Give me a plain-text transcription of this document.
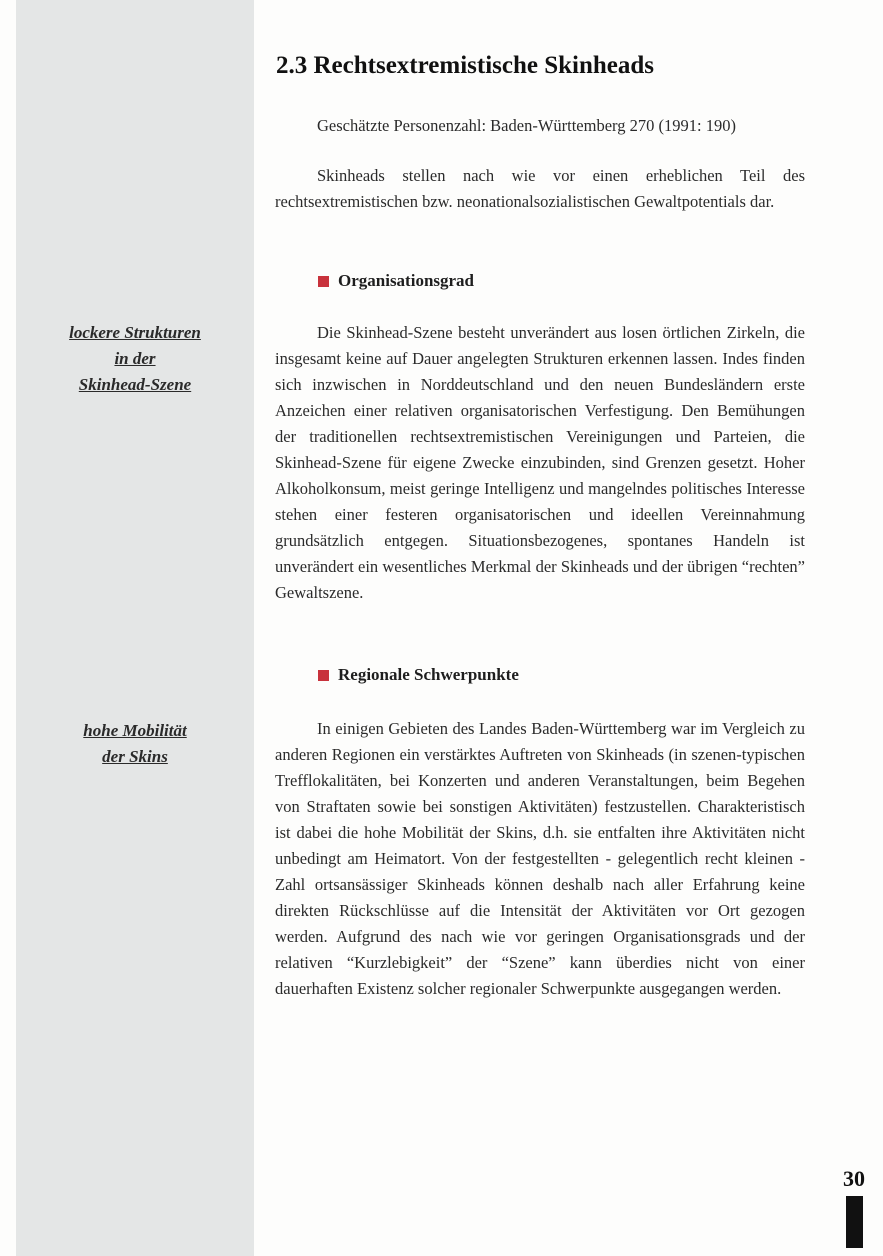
2.3 Rechtsextremistische Skinheads

Geschätzte Personenzahl: Baden-Württemberg 270 (1991: 190)

Skinheads stellen nach wie vor einen erheblichen Teil des rechtsextremistischen bzw. neonationalsozialistischen Gewaltpotentials dar.

Organisationsgrad
lockere Strukturen
in der
Skinhead-Szene

Die Skinhead-Szene besteht unverändert aus losen örtlichen Zirkeln, die insgesamt keine auf Dauer angelegten Strukturen erkennen lassen. Indes finden sich inzwischen in Norddeutschland und den neuen Bundesländern erste Anzeichen einer relativen organisatorischen Verfestigung. Den Bemühungen der traditionellen rechtsextremistischen Vereinigungen und Parteien, die Skinhead-Szene für eigene Zwecke einzubinden, sind Grenzen gesetzt. Hoher Alkoholkonsum, meist geringe Intelligenz und mangelndes politisches Interesse stehen einer festeren organisatorischen und ideellen Vereinnahmung grundsätzlich entgegen. Situationsbezogenes, spontanes Handeln ist unverändert ein wesentliches Merkmal der Skinheads und der übrigen “rechten” Gewaltszene.

Regionale Schwerpunkte
hohe Mobilität
der Skins

In einigen Gebieten des Landes Baden-Württemberg war im Vergleich zu anderen Regionen ein verstärktes Auftreten von Skinheads (in szenen-typischen Trefflokalitäten, bei Konzerten und anderen Veranstaltungen, beim Begehen von Straftaten sowie bei sonstigen Aktivitäten) festzustellen. Charakteristisch ist dabei die hohe Mobilität der Skins, d.h. sie entfalten ihre Aktivitäten nicht unbedingt am Heimatort. Von der festgestellten - gelegentlich recht kleinen - Zahl ortsansässiger Skinheads können deshalb nach aller Erfahrung keine direkten Rückschlüsse auf die Intensität der Aktivitäten vor Ort gezogen werden. Aufgrund des nach wie vor geringen Organisationsgrads und der relativen “Kurzlebigkeit” der “Szene” kann überdies nicht von einer dauerhaften Existenz solcher regionaler Schwerpunkte ausgegangen werden.

30
